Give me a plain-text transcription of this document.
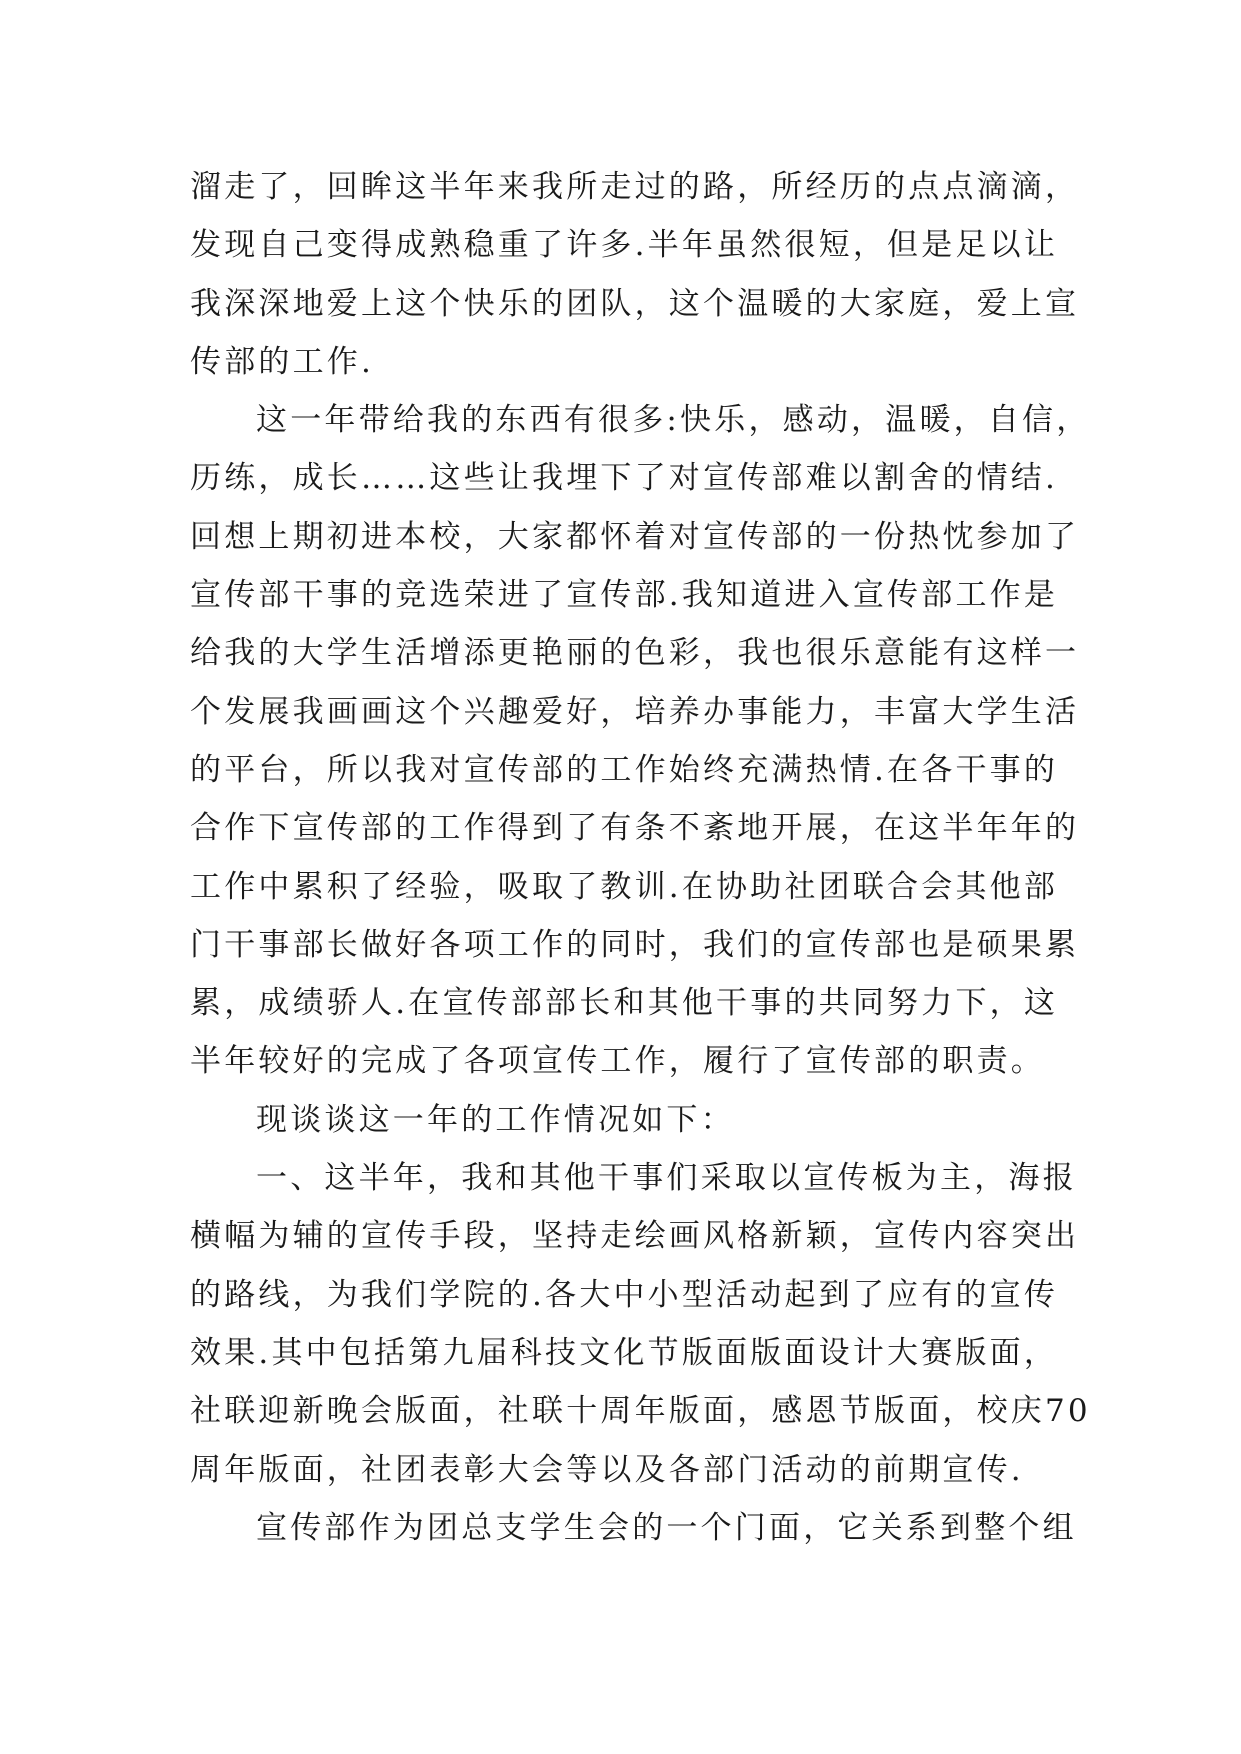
溜走了，回眸这半年来我所走过的路，所经历的点点滴滴，

发现自己变得成熟稳重了许多.半年虽然很短，但是足以让

我深深地爱上这个快乐的团队，这个温暖的大家庭，爱上宣

传部的工作.

这一年带给我的东西有很多:快乐，感动，温暖，自信，

历练，成长……这些让我埋下了对宣传部难以割舍的情结.

回想上期初进本校，大家都怀着对宣传部的一份热忱参加了

宣传部干事的竞选荣进了宣传部.我知道进入宣传部工作是

给我的大学生活增添更艳丽的色彩，我也很乐意能有这样一

个发展我画画这个兴趣爱好，培养办事能力，丰富大学生活

的平台，所以我对宣传部的工作始终充满热情.在各干事的

合作下宣传部的工作得到了有条不紊地开展，在这半年年的

工作中累积了经验，吸取了教训.在协助社团联合会其他部

门干事部长做好各项工作的同时，我们的宣传部也是硕果累

累，成绩骄人.在宣传部部长和其他干事的共同努力下，这

半年较好的完成了各项宣传工作，履行了宣传部的职责。

现谈谈这一年的工作情况如下：

一、这半年，我和其他干事们采取以宣传板为主，海报

横幅为辅的宣传手段，坚持走绘画风格新颖，宣传内容突出

的路线，为我们学院的.各大中小型活动起到了应有的宣传

效果.其中包括第九届科技文化节版面版面设计大赛版面，

社联迎新晚会版面，社联十周年版面，感恩节版面，校庆70

周年版面，社团表彰大会等以及各部门活动的前期宣传.

宣传部作为团总支学生会的一个门面，它关系到整个组
